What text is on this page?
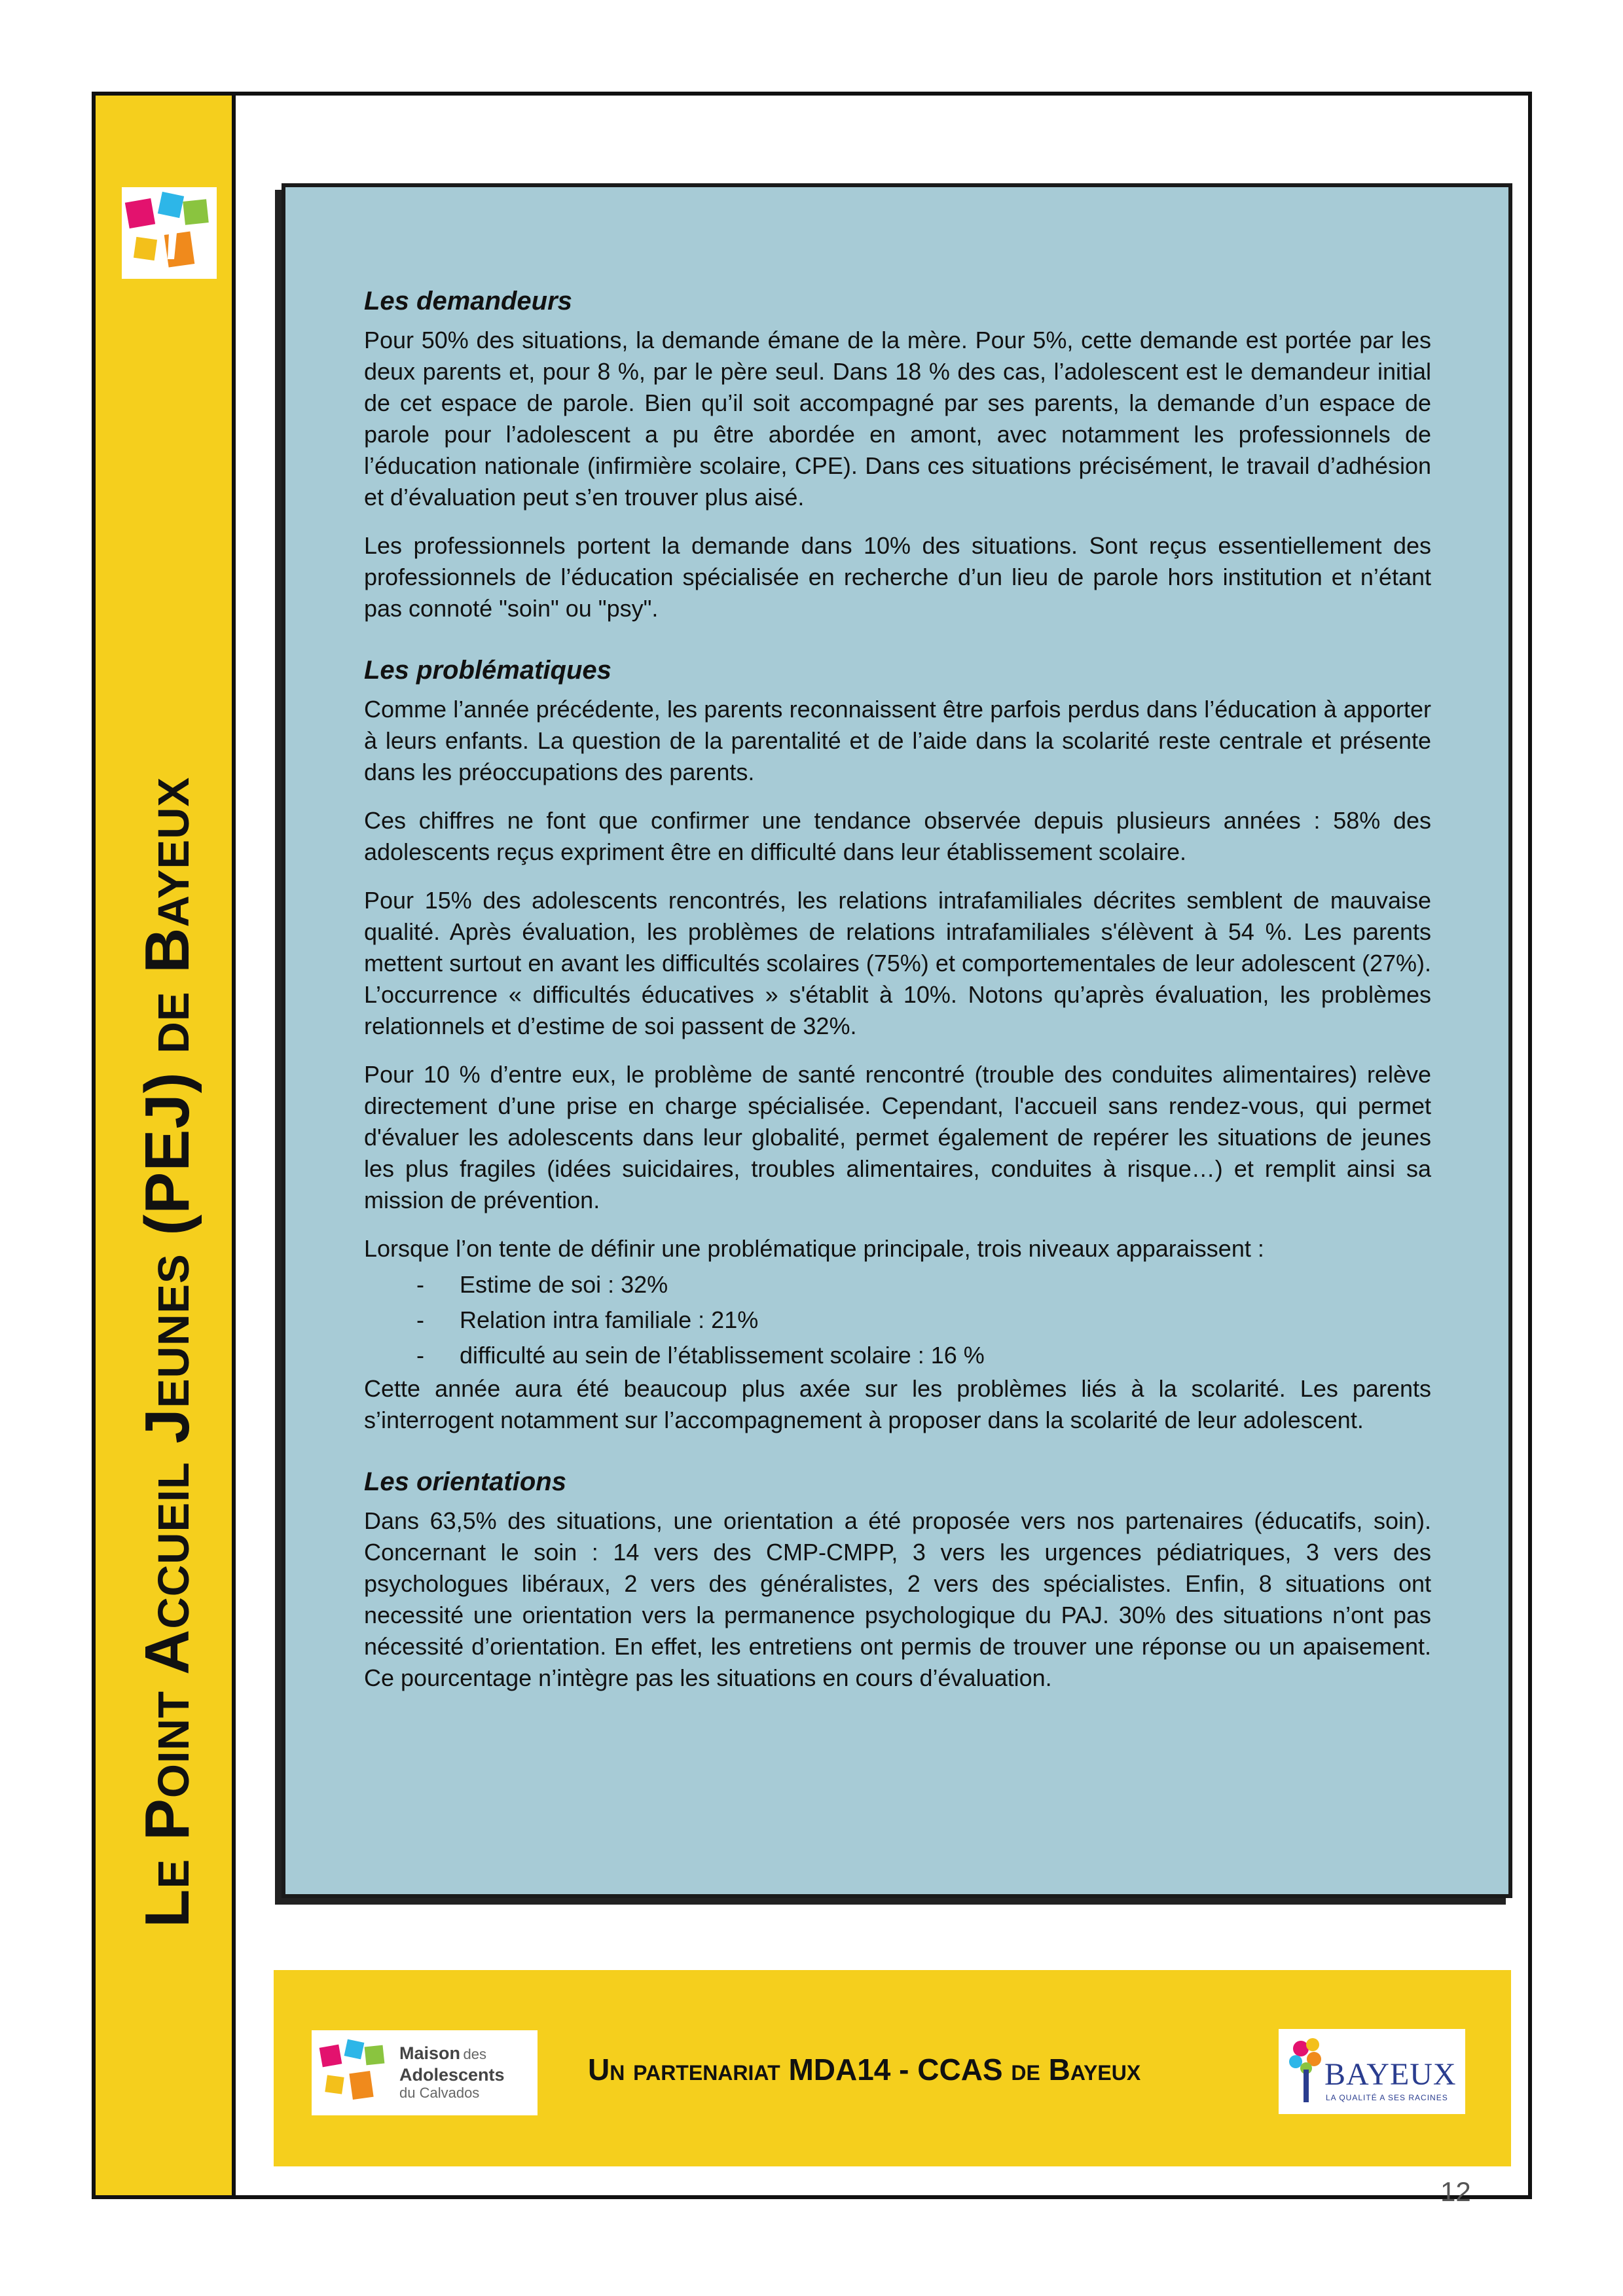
Le Point Accueil Jeunes (PEJ) de Bayeux
Les demandeurs

Pour 50% des situations, la demande émane de la mère. Pour 5%, cette demande est portée par les deux parents et, pour 8 %, par le père seul. Dans 18 % des cas, l’adolescent est le demandeur initial de cet espace de parole. Bien qu’il soit accompagné par ses parents, la demande d’un espace de parole pour l’adolescent a pu être abordée en amont, avec notamment les professionnels de l’éducation nationale (infirmière scolaire, CPE). Dans ces situations précisément, le travail d’adhésion et d’évaluation peut s’en trouver plus aisé.

Les professionnels portent la demande dans 10% des situations. Sont reçus essentiellement des professionnels de l’éducation spécialisée en recherche d’un lieu de parole hors institution et n’étant pas connoté "soin" ou "psy".

Les problématiques

Comme l’année précédente, les parents reconnaissent être parfois perdus dans l’éducation à apporter à leurs enfants. La question de la parentalité et de l’aide dans la scolarité reste centrale et présente dans les préoccupations des parents.

Ces chiffres ne font que confirmer une tendance observée depuis plusieurs années : 58% des adolescents reçus expriment être en difficulté dans leur établissement scolaire.

Pour 15% des adolescents rencontrés, les relations intrafamiliales décrites semblent de mauvaise qualité. Après évaluation, les problèmes de relations intrafamiliales s'élèvent à 54 %. Les parents mettent surtout en avant les difficultés scolaires (75%) et comportementales de leur adolescent (27%). L’occurrence « difficultés éducatives » s'établit à 10%. Notons qu’après évaluation, les problèmes relationnels et d’estime de soi passent de 32%.

Pour 10 % d’entre eux, le problème de santé rencontré (trouble des conduites alimentaires) relève directement d’une prise en charge spécialisée. Cependant, l'accueil sans rendez-vous, qui permet d'évaluer les adolescents dans leur globalité, permet également de repérer les situations de jeunes les plus fragiles (idées suicidaires, troubles alimentaires, conduites à risque…) et remplit ainsi sa mission de prévention.

Lorsque l’on tente de définir une problématique principale, trois niveaux apparaissent :

- Estime de soi : 32%
- Relation intra familiale : 21%
- difficulté au sein de l’établissement scolaire : 16 %

Cette année aura été beaucoup plus axée sur les problèmes liés à la scolarité. Les parents s’interrogent notamment sur l’accompagnement à proposer dans la scolarité de leur adolescent.

Les orientations

Dans 63,5% des situations, une orientation a été proposée vers nos partenaires (éducatifs, soin). Concernant le soin : 14 vers des CMP-CMPP, 3 vers les urgences pédiatriques, 3 vers des psychologues libéraux, 2 vers des généralistes, 2 vers des spécialistes. Enfin, 8 situations ont necessité une orientation vers la permanence psychologique du PAJ. 30% des situations n’ont pas nécessité d’orientation. En effet, les entretiens ont permis de trouver une réponse ou un apaisement. Ce pourcentage n’intègre pas les situations en cours d’évaluation.

Maison des
Adolescents
du Calvados
Un partenariat MDA14 - CCAS de Bayeux	BAYEUX
LA QUALITÉ A SES RACINES
12
